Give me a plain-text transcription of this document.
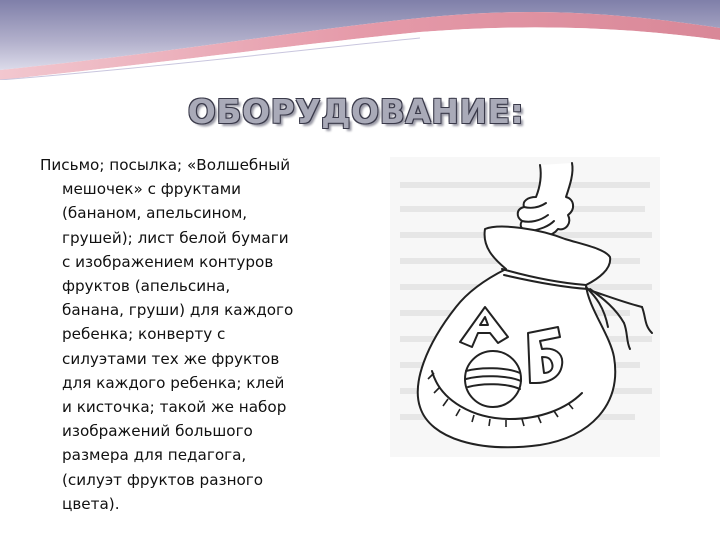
ОБОРУДОВАНИЕ:
Письмо; посылка; «Волшебный
мешочек» с фруктами
(бананом, апельсином,
грушей); лист белой бумаги
с изображением контуров
фруктов (апельсина,
банана, груши) для каждого
ребенка; конверту с
силуэтами тех же фруктов
для каждого ребенка; клей
и кисточка; такой же набор
изображений большого
размера для педагога,
(силуэт фруктов разного
цвета).
